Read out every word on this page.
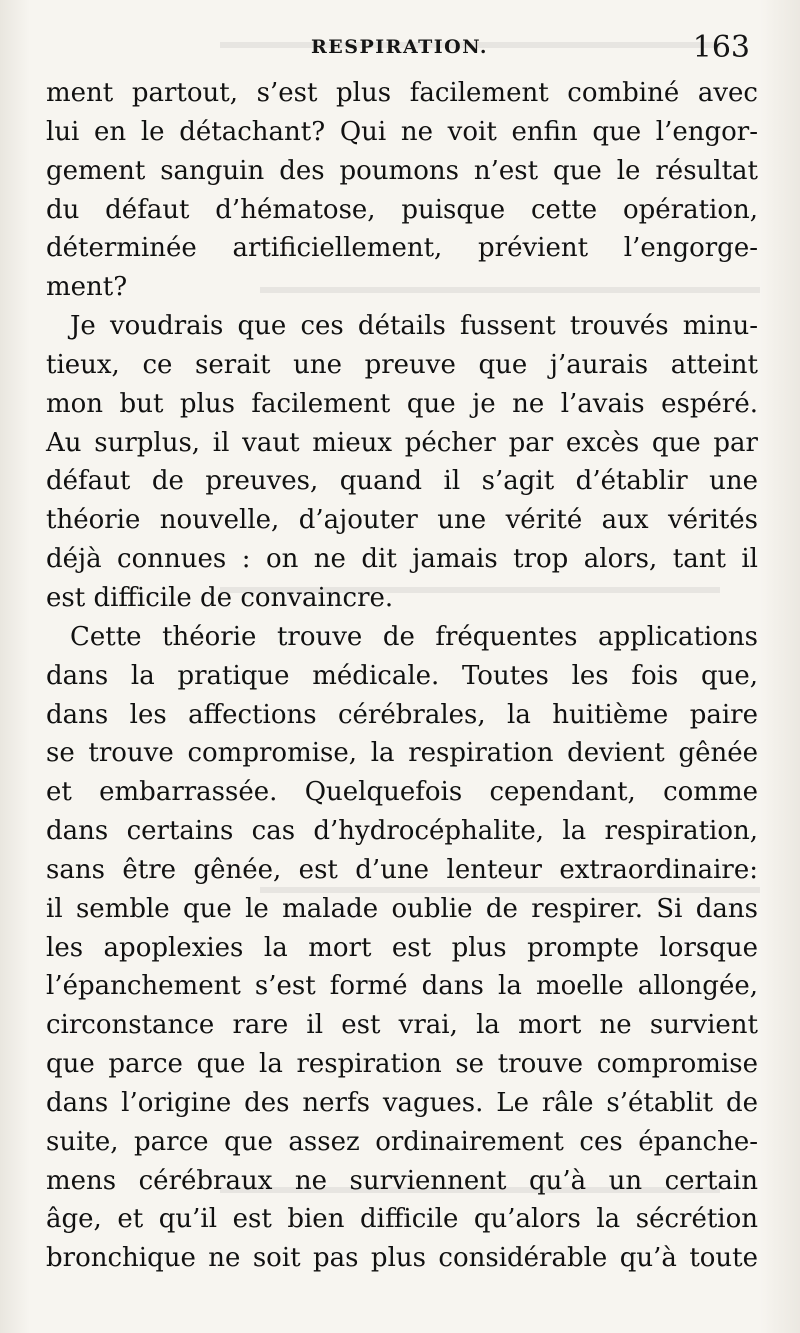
RESPIRATION.	163
ment partout, s’est plus facilement combiné avec
lui en le détachant? Qui ne voit enfin que l’engor-
gement sanguin des poumons n’est que le résultat
du défaut d’hématose, puisque cette opération,
déterminée artificiellement, prévient l’engorge-
ment?
Je voudrais que ces détails fussent trouvés minu-
tieux, ce serait une preuve que j’aurais atteint
mon but plus facilement que je ne l’avais espéré.
Au surplus, il vaut mieux pécher par excès que par
défaut de preuves, quand il s’agit d’établir une
théorie nouvelle, d’ajouter une vérité aux vérités
déjà connues : on ne dit jamais trop alors, tant il
est difficile de convaincre.
Cette théorie trouve de fréquentes applications
dans la pratique médicale. Toutes les fois que,
dans les affections cérébrales, la huitième paire
se trouve compromise, la respiration devient gênée
et embarrassée. Quelquefois cependant, comme
dans certains cas d’hydrocéphalite, la respiration,
sans être gênée, est d’une lenteur extraordinaire:
il semble que le malade oublie de respirer. Si dans
les apoplexies la mort est plus prompte lorsque
l’épanchement s’est formé dans la moelle allongée,
circonstance rare il est vrai, la mort ne survient
que parce que la respiration se trouve compromise
dans l’origine des nerfs vagues. Le râle s’établit de
suite, parce que assez ordinairement ces épanche-
mens cérébraux ne surviennent qu’à un certain
âge, et qu’il est bien difficile qu’alors la sécrétion
bronchique ne soit pas plus considérable qu’à toute
